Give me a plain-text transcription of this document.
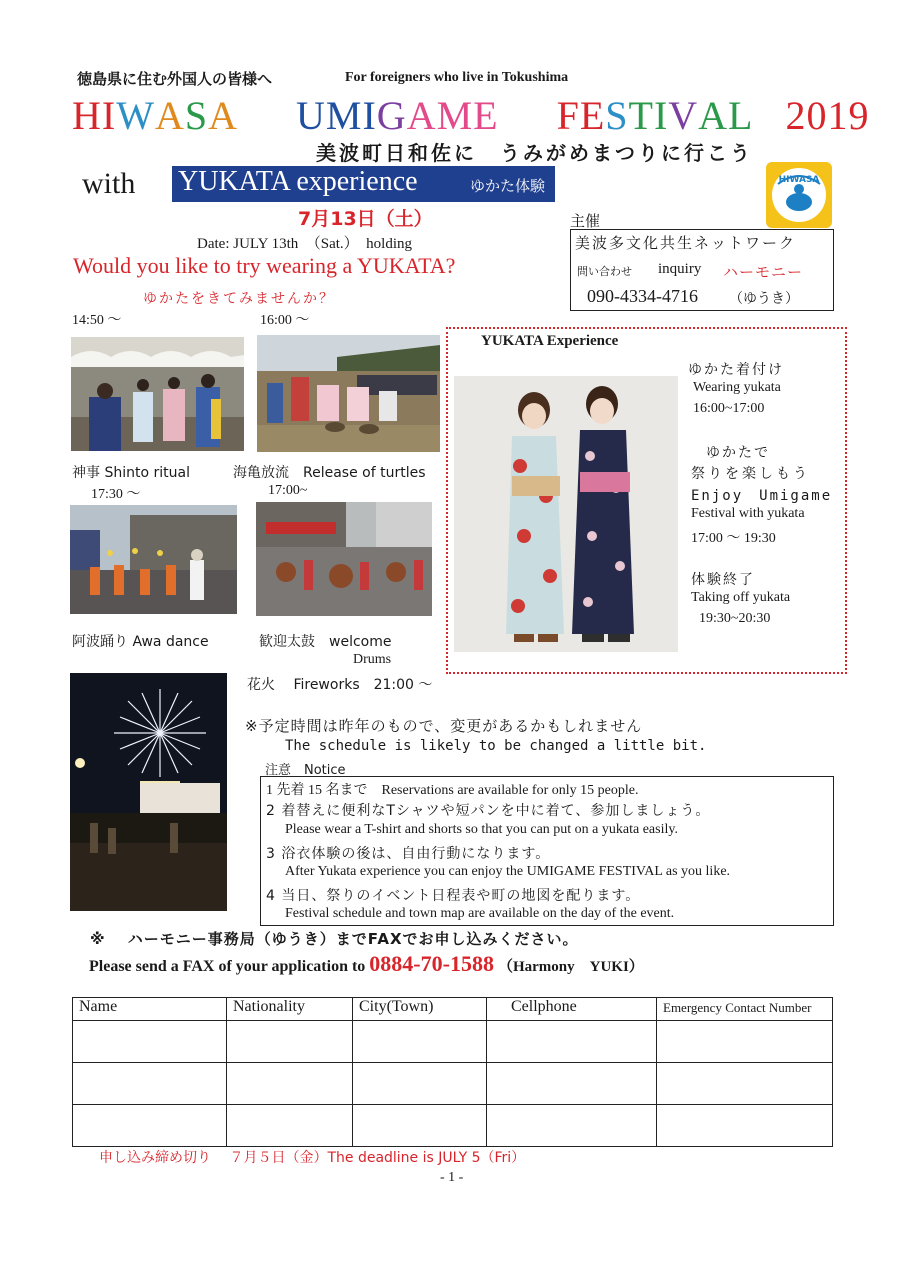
徳島県に住む外国人の皆様へ	For foreigners who live in Tokushima
HIWASA UMIGAME FESTIVAL 2019
美波町日和佐に　うみがめまつりに行こう
with YUKATA experience	ゆかた体験	HIWASA
7月13日（土）
Date: JULY 13th　（Sat.）　holding
主催
美波多文化共生ネットワーク
問い合わせ inquiry ハーモニー
090-4334-4716 （ゆうき）
Would you like to try wearing a YUKATA?
ゆかたをきてみませんか？
14:50 〜	16:00 〜
神事 Shinto ritual	海亀放流　Release of turtles
17:30 〜	17:00~
阿波踊り Awa dance	歓迎太鼓　welcome
Drums
花火　 Fireworks　21:00 〜
YUKATA Experience
ゆかた着付け
Wearing yukata
16:00~17:00
ゆかたで
祭りを楽しもう
Enjoy　Umigame
Festival with yukata
17:00 〜 19:30
体験終了
Taking off yukata
19:30~20:30
※予定時間は昨年のもので、変更があるかもしれません
The schedule is likely to be changed a little bit.
注意　Notice
1 先着 15 名まで　Reservations are available for only 15 people.
2 着替えに便利なTシャツや短パンを中に着て、参加しましょう。
Please wear a T-shirt and shorts so that you can put on a yukata easily.
3 浴衣体験の後は、自由行動になります。
After Yukata experience you can enjoy the UMIGAME FESTIVAL as you like.
4 当日、祭りのイベント日程表や町の地図を配ります。
Festival schedule and town map are available on the day of the event.
※　 ハーモニー事務局（ゆうき）までFAXでお申し込みください。
Please send a FAX of your application to 0884-70-1588 （Harmony　YUKI）
Name	Nationality	City(Town)	Cellphone	Emergency Contact Number

申し込み締め切り　 ７月５日（金）The deadline is JULY 5（Fri）
- 1 -
